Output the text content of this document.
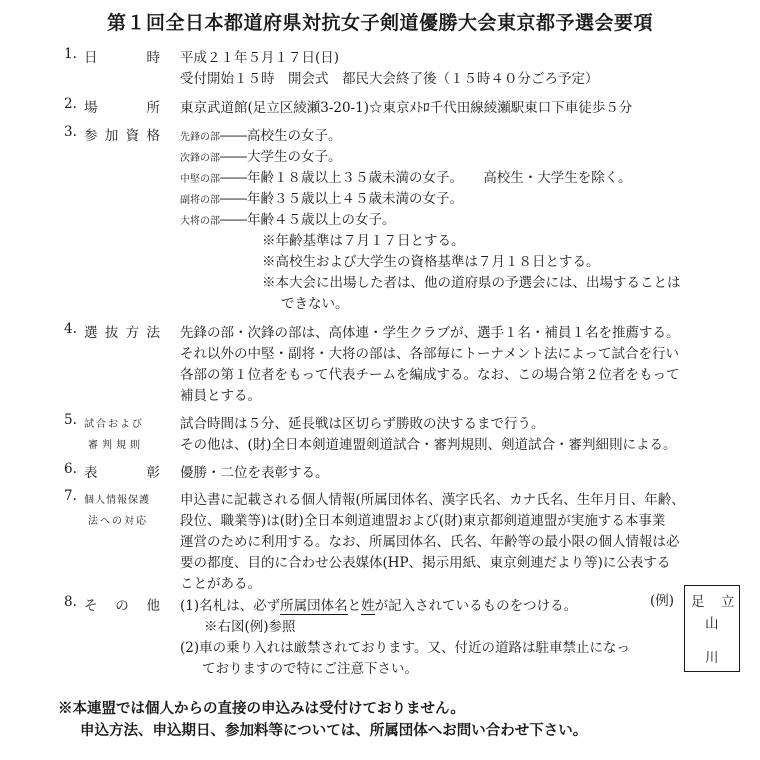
第１回全日本都道府県対抗女子剣道優勝大会東京都予選会要項
1. 日	時 平成２１年５月１７日(日)
受付開始１５時　開会式　都民大会終了後（１５時４０分ごろ予定）
2. 場	所 東京武道館(足立区綾瀬3-20-1)☆東京ﾒﾄﾛ千代田線綾瀬駅東口下車徒歩５分
3. 参 加 資 格 先鋒の部――高校生の女子。
次鋒の部――大学生の女子。
中堅の部――年齢１８歳以上３５歳未満の女子。　　高校生・大学生を除く。
副将の部――年齢３５歳以上４５歳未満の女子。
大将の部――年齢４５歳以上の女子。
※年齢基準は７月１７日とする。
※高校生および大学生の資格基準は７月１８日とする。
※本大会に出場した者は、他の道府県の予選会には、出場することは
できない。
4. 選 抜 方 法 先鋒の部・次鋒の部は、高体連・学生クラブが、選手１名・補員１名を推薦する。
それ以外の中堅・副将・大将の部は、各部毎にトーナメント法によって試合を行い
各部の第１位者をもって代表チームを編成する。なお、この場合第２位者をもって
補員とする。
5. 試合および
審判規則
試合時間は５分、延長戦は区切らず勝敗の決するまで行う。
その他は、(財)全日本剣道連盟剣道試合・審判規則、剣道試合・審判細則による。
6. 表	彰 優勝・二位を表彰する。
7. 個人情報保護
法への対応
申込書に記載される個人情報(所属団体名、漢字氏名、カナ氏名、生年月日、年齢、
段位、職業等)は(財)全日本剣道連盟および(財)東京都剣道連盟が実施する本事業
運営のために利用する。なお、所属団体名、氏名、年齢等の最小限の個人情報は必
要の都度、目的に合わせ公表媒体(HP、掲示用紙、東京剣連だより等)に公表する
ことがある。
8. そ の 他 (1)名札は、必ず所属団体名と姓が記入されているものをつける。
※右図(例)参照
(2)車の乗り入れは厳禁されております。又、付近の道路は駐車禁止になっ
ておりますので特にご注意下さい。
(例) 足 立
山
川
※本連盟では個人からの直接の申込みは受付けておりません。
申込方法、申込期日、参加料等については、所属団体へお問い合わせ下さい。
